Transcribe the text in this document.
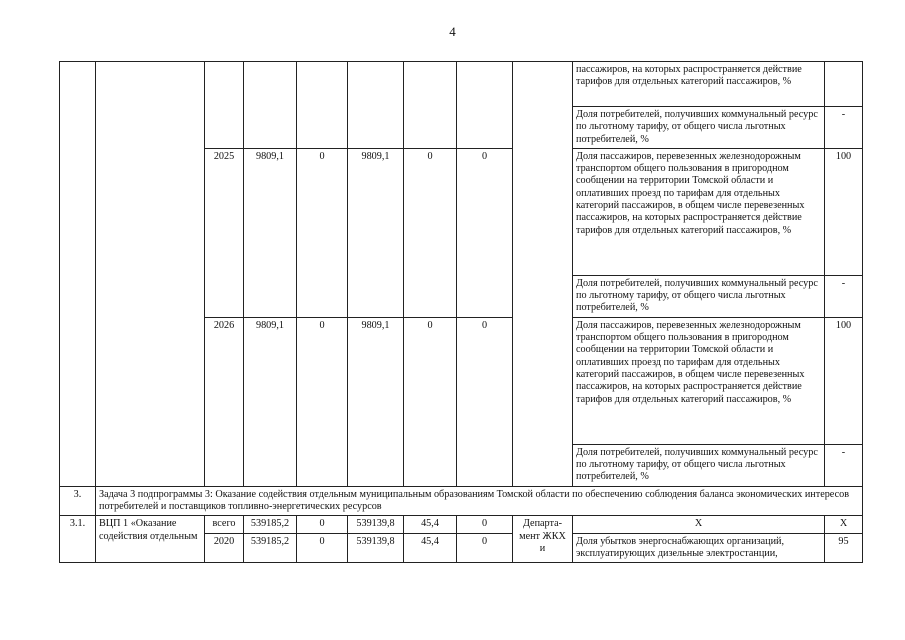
4
									пассажиров, на которых распространяется действие тарифов для отдельных категорий пассажиров, %	
									Доля потребителей, получивших коммунальный ресурс по льготному тарифу, от общего числа льготных потребителей, %	-
		2025	9809,1	0	9809,1	0	0		Доля пассажиров, перевезенных железнодорожным транспортом общего пользования в пригородном сообщении на территории Томской области и оплативших проезд по тарифам для отдельных категорий пассажиров, в общем числе перевезенных пассажиров, на которых распространяется действие тарифов для отдельных категорий пассажиров, %	100
									Доля потребителей, получивших коммунальный ресурс по льготному тарифу, от общего числа льготных потребителей, %	-
		2026	9809,1	0	9809,1	0	0		Доля пассажиров, перевезенных железнодорожным транспортом общего пользования в пригородном сообщении на территории Томской области и оплативших проезд по тарифам для отдельных категорий пассажиров, в общем числе перевезенных пассажиров, на которых распространяется действие тарифов для отдельных категорий пассажиров, %	100
									Доля потребителей, получивших коммунальный ресурс по льготному тарифу, от общего числа льготных потребителей, %	-
3.	Задача 3 подпрограммы 3: Оказание содействия отдельным муниципальным образованиям Томской области по обеспечению соблюдения баланса экономических интересов потребителей и поставщиков топливно-энергетических ресурсов									
3.1.	ВЦП 1 «Оказание содействия отдельным	всего	539185,2	0	539139,8	45,4	0	Департа-мент ЖКХ и	X	X
		2020	539185,2	0	539139,8	45,4	0		Доля убытков энергоснабжающих организаций, эксплуатирующих дизельные электростанции,	95
